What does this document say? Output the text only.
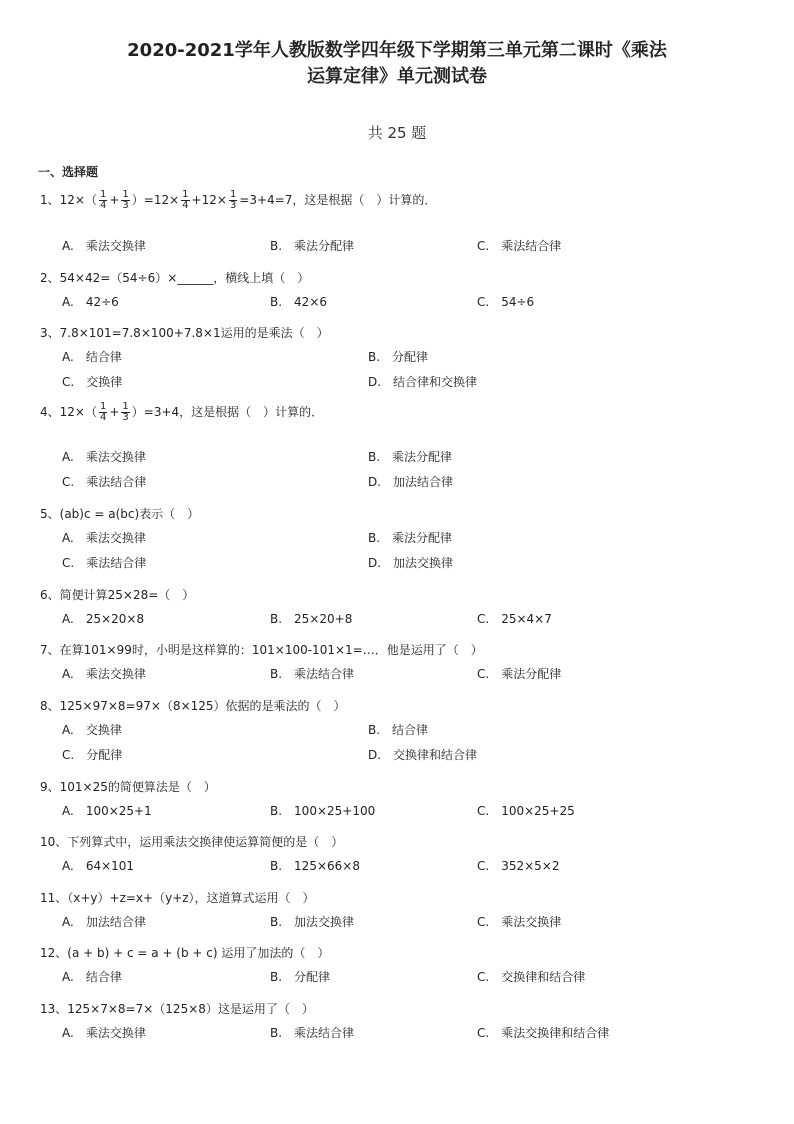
2020-2021学年人教版数学四年级下学期第三单元第二课时《乘法
运算定律》单元测试卷
共 25 题
一、选择题
1、$12\times( \frac{1}{4} + \frac{1}{3} )=12\times \frac{1}{4} +12\times \frac{1}{3} =3+4=7$，这是根据（　）计算的．
A.　乘法交换律	B.　乘法分配律	C.　乘法结合律
2、54×42=（54÷6）×______，横线上填（　）
A.　42÷6	B.　42×6	C.　54÷6
3、7.8×101=7.8×100+7.8×1运用的是乘法（　）
A.　结合律	B.　分配律
C.　交换律	D.　结合律和交换律
4、$12\times( \frac{1}{4} + \frac{1}{3} )=3+4$，这是根据（　）计算的．
A.　乘法交换律	B.　乘法分配律
C.　乘法结合律	D.　加法结合律
5、(ab)c = a(bc)表示（　）
A.　乘法交换律	B.　乘法分配律
C.　乘法结合律	D.　加法交换律
6、简便计算25×28=（　）
A.　25×20×8	B.　25×20+8	C.　25×4×7
7、在算101×99时，小明是这样算的：101×100-101×1=…．他是运用了（　）
A.　乘法交换律	B.　乘法结合律	C.　乘法分配律
8、125×97×8=97×（8×125）依据的是乘法的（　）
A.　交换律	B.　结合律
C.　分配律	D.　交换律和结合律
9、101×25的简便算法是（　）
A.　100×25+1	B.　100×25+100	C.　100×25+25
10、下列算式中，运用乘法交换律使运算简便的是（　）
A.　64×101	B.　125×66×8	C.　352×5×2
11、（x+y）+z=x+（y+z），这道算式运用（　）
A.　加法结合律	B.　加法交换律	C.　乘法交换律
12、(a + b) + c = a + (b + c) 运用了加法的（　）
A.　结合律	B.　分配律	C.　交换律和结合律
13、125×7×8=7×（125×8）这是运用了（　）
A.　乘法交换律	B.　乘法结合律	C.　乘法交换律和结合律
